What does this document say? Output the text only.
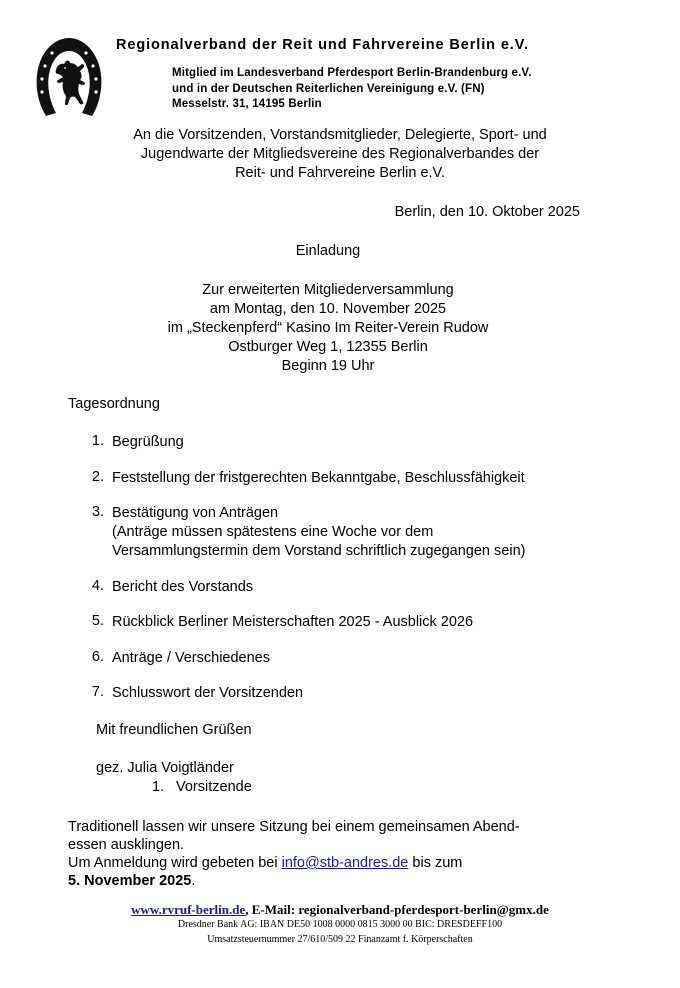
Regionalverband der Reit und Fahrvereine Berlin e.V.
Mitglied im Landesverband Pferdesport Berlin-Brandenburg e.V.
und in der Deutschen Reiterlichen Vereinigung e.V. (FN)
Messelstr. 31, 14195 Berlin
An die Vorsitzenden, Vorstandsmitglieder, Delegierte, Sport- und
Jugendwarte der Mitgliedsvereine des Regionalverbandes der
Reit- und Fahrvereine Berlin e.V.
Berlin, den 10. Oktober 2025
Einladung
Zur erweiterten Mitgliederversammlung
am Montag, den 10. November 2025
im „Steckenpferd“ Kasino Im Reiter-Verein Rudow
Ostburger Weg 1, 12355 Berlin
Beginn 19 Uhr
Tagesordnung
1. Begrüßung
2. Feststellung der fristgerechten Bekanntgabe, Beschlussfähigkeit
3. Bestätigung von Anträgen
(Anträge müssen spätestens eine Woche vor dem
Versammlungstermin dem Vorstand schriftlich zugegangen sein)
4. Bericht des Vorstands
5. Rückblick Berliner Meisterschaften 2025 - Ausblick 2026
6. Anträge / Verschiedenes
7. Schlusswort der Vorsitzenden
Mit freundlichen Grüßen
gez. Julia Voigtländer
1. Vorsitzende
Traditionell lassen wir unsere Sitzung bei einem gemeinsamen Abend-
essen ausklingen.
Um Anmeldung wird gebeten bei info@stb-andres.de bis zum
5. November 2025.
www.rvruf-berlin.de, E-Mail: regionalverband-pferdesport-berlin@gmx.de
Dresdner Bank AG: IBAN DE50 1008 0000 0815 3000 00 BIC: DRESDEFF100
Umsatzsteuernummer 27/610/509 22 Finanzamt f. Körperschaften
